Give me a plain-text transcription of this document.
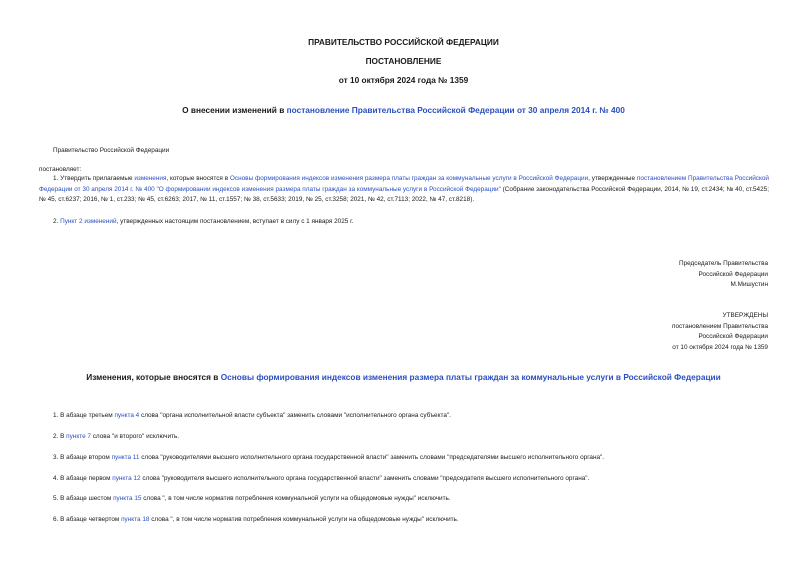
ПРАВИТЕЛЬСТВО РОССИЙСКОЙ ФЕДЕРАЦИИ
ПОСТАНОВЛЕНИЕ
от 10 октября 2024 года № 1359
О внесении изменений в постановление Правительства Российской Федерации от 30 апреля 2014 г. № 400
Правительство Российской Федерации
постановляет:
1. Утвердить прилагаемые изменения, которые вносятся в Основы формирования индексов изменения размера платы граждан за коммунальные услуги в Российской Федерации, утвержденные постановлением Правительства Российской Федерации от 30 апреля 2014 г. № 400 "О формировании индексов изменения размера платы граждан за коммунальные услуги в Российской Федерации" (Собрание законодательства Российской Федерации, 2014, № 19, ст.2434; № 40, ст.5425; № 45, ст.6237; 2016, № 1, ст.233; № 45, ст.6263; 2017, № 11, ст.1557; № 38, ст.5633; 2019, № 25, ст.3258; 2021, № 42, ст.7113; 2022, № 47, ст.8218).
2. Пункт 2 изменений, утвержденных настоящим постановлением, вступает в силу с 1 января 2025 г.
Председатель Правительства
Российской Федерации
М.Мишустин
УТВЕРЖДЕНЫ
постановлением Правительства
Российской Федерации
от 10 октября 2024 года № 1359
Изменения, которые вносятся в Основы формирования индексов изменения размера платы граждан за коммунальные услуги в Российской Федерации
1. В абзаце третьем пункта 4 слова "органа исполнительной власти субъекта" заменить словами "исполнительного органа субъекта".
2. В пункте 7 слова "и второго" исключить.
3. В абзаце втором пункта 11 слова "руководителями высшего исполнительного органа государственной власти" заменить словами "председателями высшего исполнительного органа".
4. В абзаце первом пункта 12 слова "руководителя высшего исполнительного органа государственной власти" заменить словами "председателя высшего исполнительного органа".
5. В абзаце шестом пункта 15 слова ", в том числе норматив потребления коммунальной услуги на общедомовые нужды" исключить.
6. В абзаце четвертом пункта 18 слова ", в том числе норматив потребления коммунальной услуги на общедомовые нужды" исключить.
